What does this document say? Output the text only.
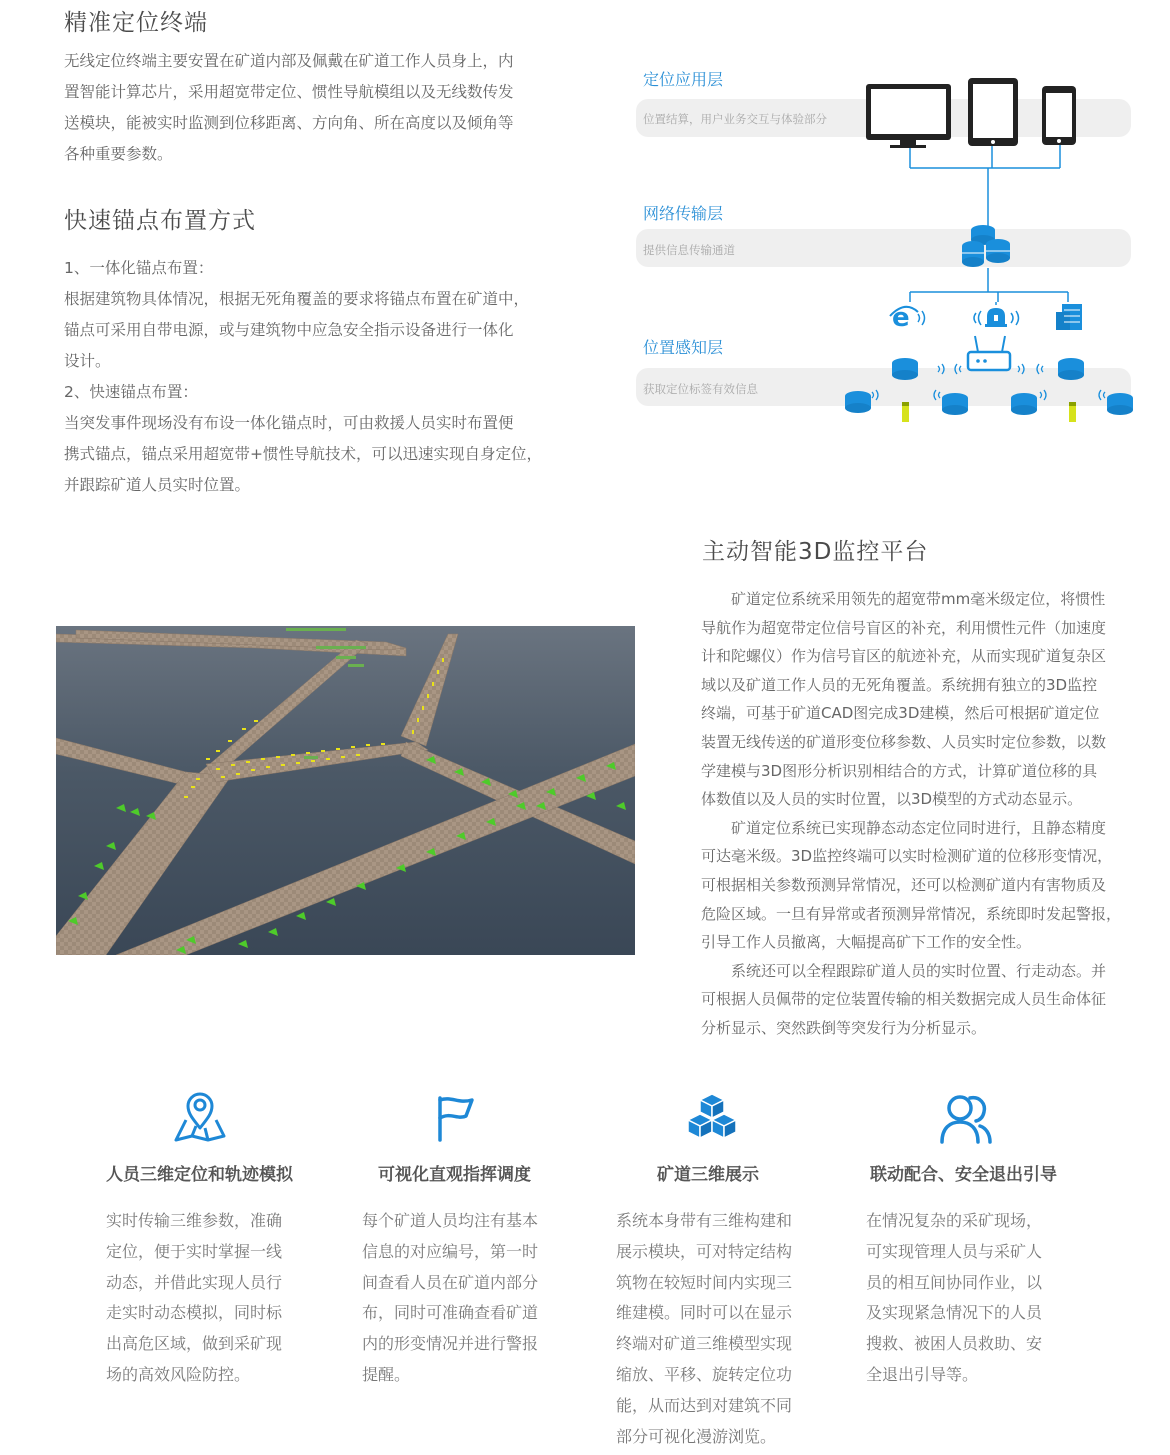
精准定位终端

无线定位终端主要安置在矿道内部及佩戴在矿道工作人员身上，内

置智能计算芯片，采用超宽带定位、惯性导航模组以及无线数传发

送模块，能被实时监测到位移距离、方向角、所在高度以及倾角等

各种重要参数。

快速锚点布置方式

1、一体化锚点布置：

根据建筑物具体情况，根据无死角覆盖的要求将锚点布置在矿道中，

锚点可采用自带电源，或与建筑物中应急安全指示设备进行一体化

设计。

2、快速锚点布置：

当突发事件现场没有布设一体化锚点时，可由救援人员实时布置便

携式锚点，锚点采用超宽带+惯性导航技术，可以迅速实现自身定位，

并跟踪矿道人员实时位置。

定位应用层
位置结算，用户业务交互与体验部分
网络传输层
提供信息传输通道
位置感知层
获取定位标签有效信息
e
主动智能3D监控平台

　　矿道定位系统采用领先的超宽带mm毫米级定位，将惯性

导航作为超宽带定位信号盲区的补充，利用惯性元件（加速度

计和陀螺仪）作为信号盲区的航迹补充，从而实现矿道复杂区

域以及矿道工作人员的无死角覆盖。系统拥有独立的3D监控

终端，可基于矿道CAD图完成3D建模，然后可根据矿道定位

装置无线传送的矿道形变位移参数、人员实时定位参数，以数

学建模与3D图形分析识别相结合的方式，计算矿道位移的具

体数值以及人员的实时位置，以3D模型的方式动态显示。

　　矿道定位系统已实现静态动态定位同时进行，且静态精度

可达毫米级。3D监控终端可以实时检测矿道的位移形变情况，

可根据相关参数预测异常情况，还可以检测矿道内有害物质及

危险区域。一旦有异常或者预测异常情况，系统即时发起警报，

引导工作人员撤离，大幅提高矿下工作的安全性。

　　系统还可以全程跟踪矿道人员的实时位置、行走动态。并

可根据人员佩带的定位装置传输的相关数据完成人员生命体征

分析显示、突然跌倒等突发行为分析显示。

人员三维定位和轨迹模拟

实时传输三维参数，准确

定位，便于实时掌握一线

动态，并借此实现人员行

走实时动态模拟，同时标

出高危区域，做到采矿现

场的高效风险防控。

可视化直观指挥调度

每个矿道人员均注有基本

信息的对应编号，第一时

间查看人员在矿道内部分

布，同时可准确查看矿道

内的形变情况并进行警报

提醒。

矿道三维展示

系统本身带有三维构建和

展示模块，可对特定结构

筑物在较短时间内实现三

维建模。同时可以在显示

终端对矿道三维模型实现

缩放、平移、旋转定位功

能，从而达到对建筑不同

部分可视化漫游浏览。

联动配合、安全退出引导

在情况复杂的采矿现场，

可实现管理人员与采矿人

员的相互间协同作业，以

及实现紧急情况下的人员

搜救、被困人员救助、安

全退出引导等。
